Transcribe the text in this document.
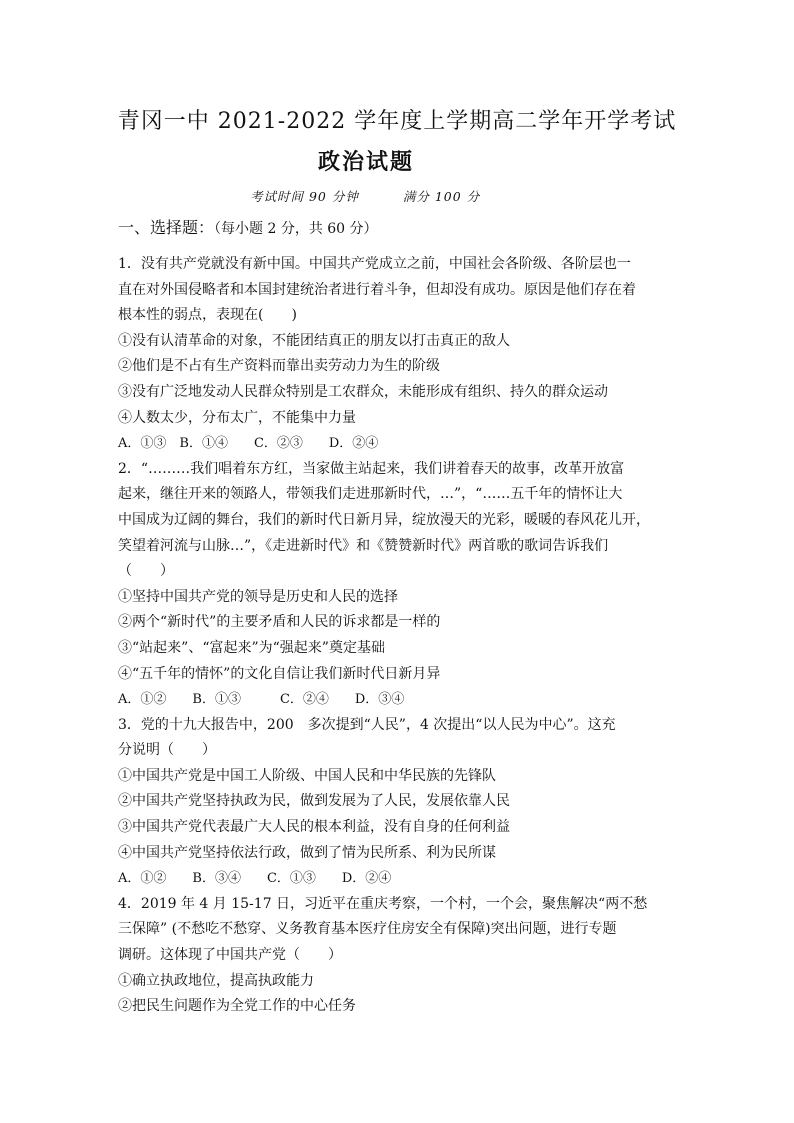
青冈一中 2021-2022 学年度上学期高二学年开学考试
政治试题
考试时间 90 分钟	满分 100 分
一、选择题：（每小题 2 分，共 60 分）
1．没有共产党就没有新中国。中国共产党成立之前，中国社会各阶级、各阶层也一
直在对外国侵略者和本国封建统治者进行着斗争，但却没有成功。原因是他们存在着
根本性的弱点，表现在(　　)
①没有认清革命的对象，不能团结真正的朋友以打击真正的敌人
②他们是不占有生产资料而靠出卖劳动力为生的阶级
③没有广泛地发动人民群众特别是工农群众，未能形成有组织、持久的群众运动
④人数太少，分布太广，不能集中力量
A．①③　B．①④　　C．②③　　D．②④
2．“………我们唱着东方红，当家做主站起来，我们讲着春天的故事，改革开放富
起来，继往开来的领路人，带领我们走进那新时代，…”，“……五千年的情怀让大
中国成为辽阔的舞台，我们的新时代日新月异，绽放漫天的光彩，暖暖的春风花儿开，
笑望着河流与山脉…”，《走进新时代》和《赞赞新时代》两首歌的歌词告诉我们
（　　）
①坚持中国共产党的领导是历史和人民的选择
②两个“新时代”的主要矛盾和人民的诉求都是一样的
③“站起来”、“富起来”为“强起来”奠定基础
④“五千年的情怀”的文化自信让我们新时代日新月异
A．①②　　B．①③　　　C．②④　　D．③④
3．党的十九大报告中，200　多次提到“人民”，4 次提出“以人民为中心”。这充
分说明（　　）
①中国共产党是中国工人阶级、中国人民和中华民族的先锋队
②中国共产党坚持执政为民，做到发展为了人民，发展依靠人民
③中国共产党代表最广大人民的根本利益，没有自身的任何利益
④中国共产党坚持依法行政，做到了情为民所系、利为民所谋
A．①②　　B．③④　　C．①③　　D．②④
4．2019 年 4 月 15-17 日，习近平在重庆考察，一个村，一个会，聚焦解决“两不愁
三保障” (不愁吃不愁穿、义务教育基本医疗住房安全有保障)突出问题，进行专题
调研。这体现了中国共产党（　　）
①确立执政地位，提高执政能力
②把民生问题作为全党工作的中心任务
